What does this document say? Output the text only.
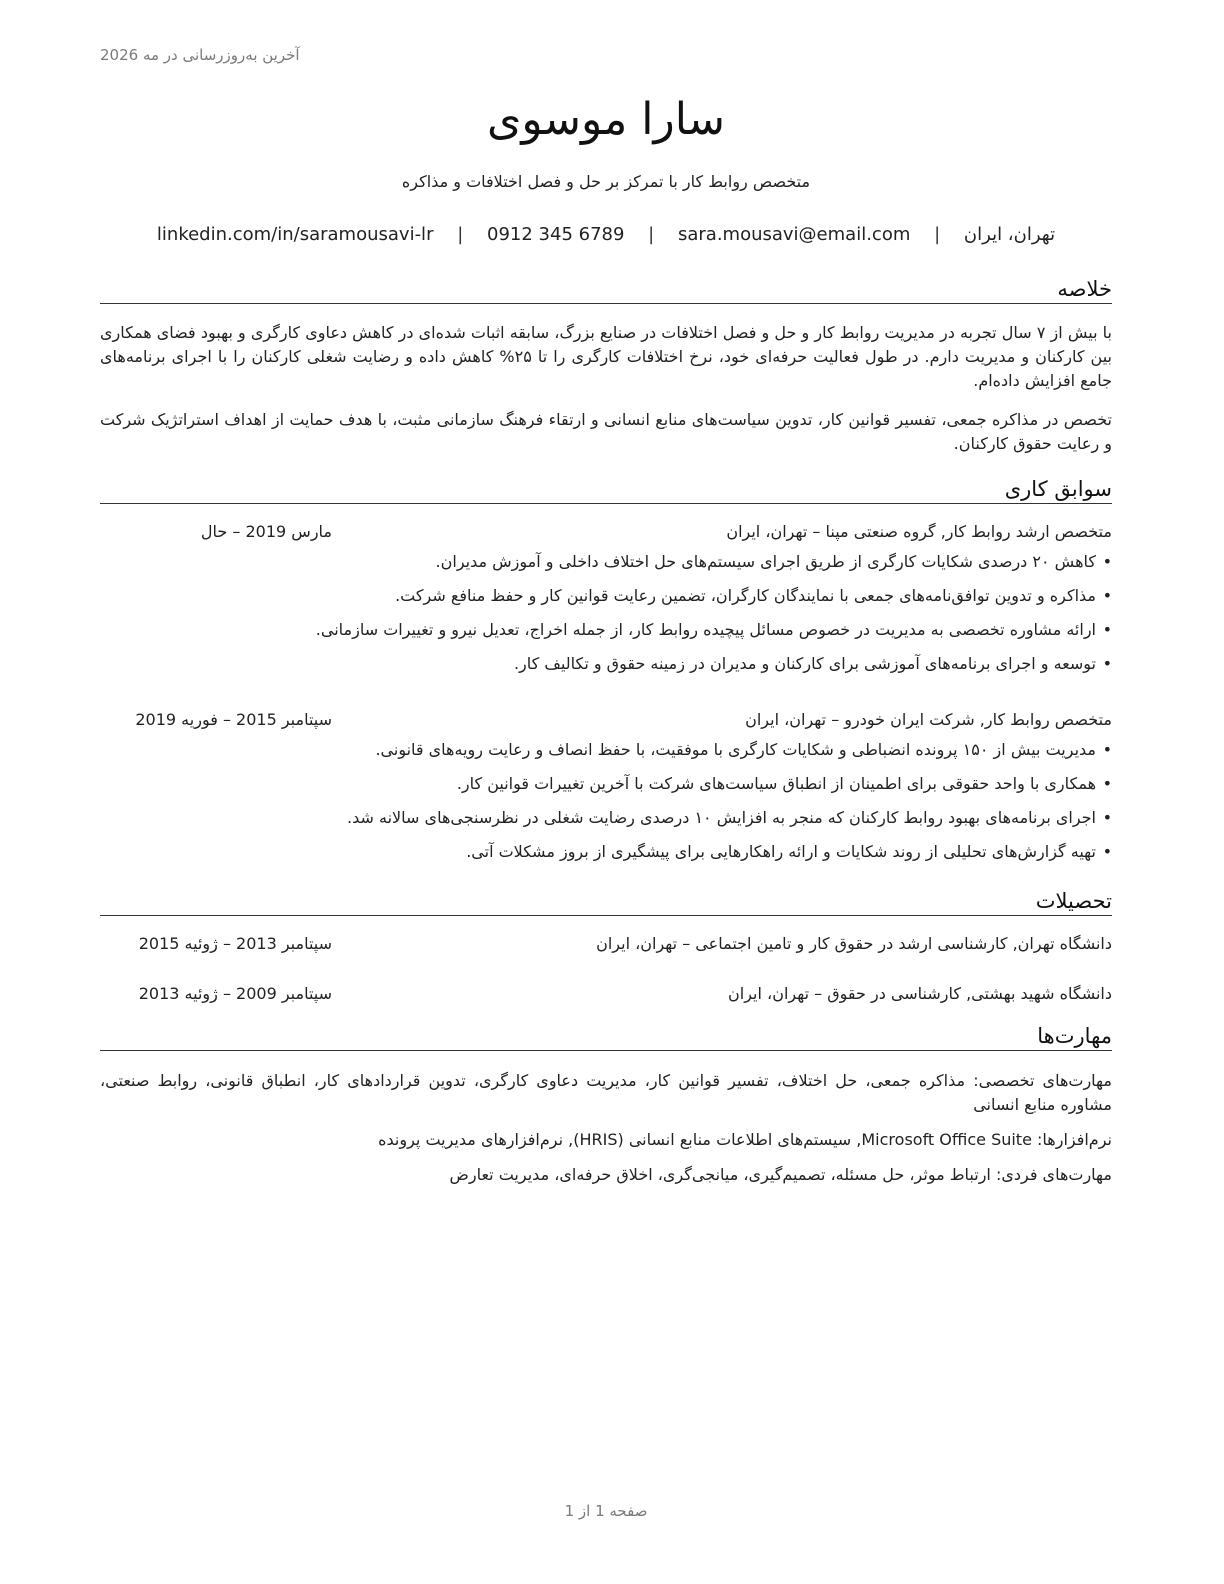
آخرین به‌روزرسانی در مه 2026
سارا موسوی
متخصص روابط کار با تمرکز بر حل و فصل اختلافات و مذاکره
تهران، ایران | sara.mousavi@email.com | 0912 345 6789 | linkedin.com/in/saramousavi-lr
خلاصه
با بیش از ۷ سال تجربه در مدیریت روابط کار و حل و فصل اختلافات در صنایع بزرگ، سابقه اثبات شده‌ای در کاهش دعاوی کارگری و بهبود فضای همکاری بین کارکنان و مدیریت دارم. در طول فعالیت حرفه‌ای خود، نرخ اختلافات کارگری را تا ۲۵% کاهش داده و رضایت شغلی کارکنان را با اجرای برنامه‌های جامع افزایش داده‌ام.
تخصص در مذاکره جمعی، تفسیر قوانین کار، تدوین سیاست‌های منابع انسانی و ارتقاء فرهنگ سازمانی مثبت، با هدف حمایت از اهداف استراتژیک شرکت و رعایت حقوق کارکنان.
سوابق کاری
متخصص ارشد روابط کار, گروه صنعتی مپنا – تهران، ایران
مارس 2019 – حال
•
کاهش ۲۰ درصدی شکایات کارگری از طریق اجرای سیستم‌های حل اختلاف داخلی و آموزش مدیران.
•
مذاکره و تدوین توافق‌نامه‌های جمعی با نمایندگان کارگران، تضمین رعایت قوانین کار و حفظ منافع شرکت.
•
ارائه مشاوره تخصصی به مدیریت در خصوص مسائل پیچیده روابط کار، از جمله اخراج، تعدیل نیرو و تغییرات سازمانی.
•
توسعه و اجرای برنامه‌های آموزشی برای کارکنان و مدیران در زمینه حقوق و تکالیف کار.
متخصص روابط کار, شرکت ایران خودرو – تهران، ایران
سپتامبر 2015 – فوریه 2019
•
مدیریت بیش از ۱۵۰ پرونده انضباطی و شکایات کارگری با موفقیت، با حفظ انصاف و رعایت رویه‌های قانونی.
•
همکاری با واحد حقوقی برای اطمینان از انطباق سیاست‌های شرکت با آخرین تغییرات قوانین کار.
•
اجرای برنامه‌های بهبود روابط کارکنان که منجر به افزایش ۱۰ درصدی رضایت شغلی در نظرسنجی‌های سالانه شد.
•
تهیه گزارش‌های تحلیلی از روند شکایات و ارائه راهکارهایی برای پیشگیری از بروز مشکلات آتی.
تحصیلات
دانشگاه تهران, کارشناسی ارشد در حقوق کار و تامین اجتماعی – تهران، ایران
سپتامبر 2013 – ژوئیه 2015
دانشگاه شهید بهشتی, کارشناسی در حقوق – تهران، ایران
سپتامبر 2009 – ژوئیه 2013
مهارت‌ها
مهارت‌های تخصصی: مذاکره جمعی، حل اختلاف، تفسیر قوانین کار، مدیریت دعاوی کارگری، تدوین قراردادهای کار، انطباق قانونی، روابط صنعتی، مشاوره منابع انسانی
نرم‌افزارها: Microsoft Office Suite, سیستم‌های اطلاعات منابع انسانی (HRIS), نرم‌افزارهای مدیریت پرونده
مهارت‌های فردی: ارتباط موثر، حل مسئله، تصمیم‌گیری، میانجی‌گری، اخلاق حرفه‌ای، مدیریت تعارض
صفحه 1 از 1
